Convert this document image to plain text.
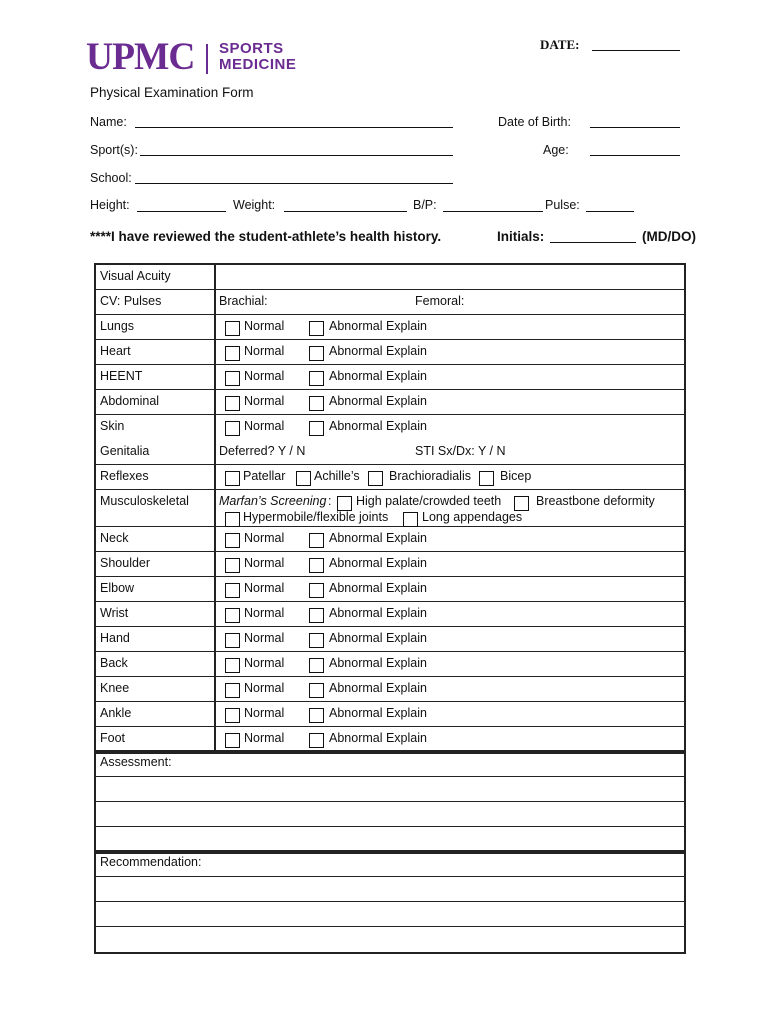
UPMC SPORTS
MEDICINE
DATE:
Physical Examination Form
Name:	Date of Birth:
Sport(s):	Age:
School:
Height:	Weight:	B/P:	Pulse:
****I have reviewed the student-athlete’s health history.	Initials:	(MD/DO)
Visual Acuity
CV: Pulses	Brachial:	Femoral:
Lungs	Normal	Abnormal Explain
Heart	Normal	Abnormal Explain
HEENT	Normal	Abnormal Explain
Abdominal	Normal	Abnormal Explain
Skin	Normal	Abnormal Explain
Genitalia	Deferred? Y / N	STI Sx/Dx: Y / N
Reflexes	Patellar Achille’s Brachioradialis Bicep
Musculoskeletal	Marfan’s Screening : High palate/crowded teeth	Breastbone deformity
Hypermobile/flexible joints	Long appendages
Neck	Normal	Abnormal Explain
Shoulder	Normal	Abnormal Explain
Elbow	Normal	Abnormal Explain
Wrist	Normal	Abnormal Explain
Hand	Normal	Abnormal Explain
Back	Normal	Abnormal Explain
Knee	Normal	Abnormal Explain
Ankle	Normal	Abnormal Explain
Foot	Normal	Abnormal Explain
Assessment:
Recommendation:
